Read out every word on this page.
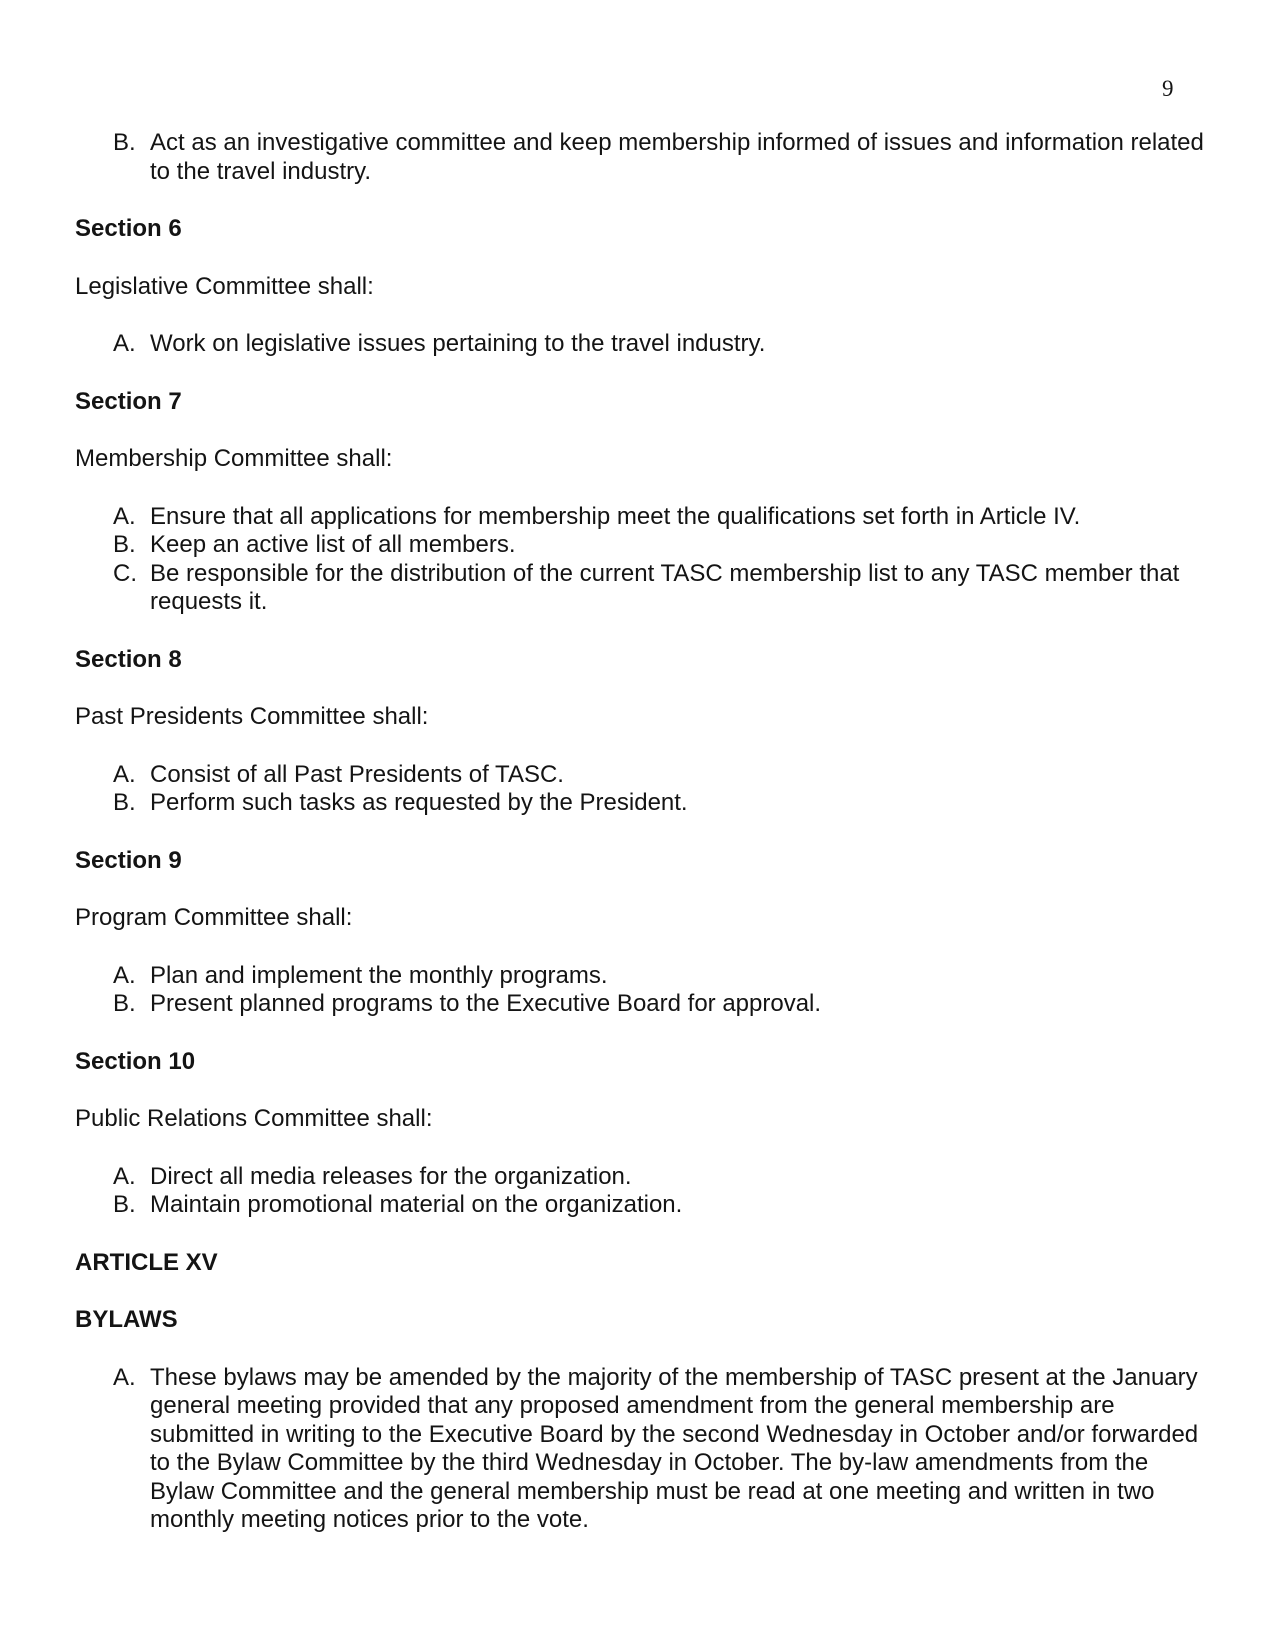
9
B. Act as an investigative committee and keep membership informed of issues and information related to the travel industry.
Section 6
Legislative Committee shall:
A. Work on legislative issues pertaining to the travel industry.
Section 7
Membership Committee shall:
A. Ensure that all applications for membership meet the qualifications set forth in Article IV.
B. Keep an active list of all members.
C. Be responsible for the distribution of the current TASC membership list to any TASC member that requests it.
Section 8
Past Presidents Committee shall:
A. Consist of all Past Presidents of TASC.
B. Perform such tasks as requested by the President.
Section 9
Program Committee shall:
A. Plan and implement the monthly programs.
B. Present planned programs to the Executive Board for approval.
Section 10
Public Relations Committee shall:
A. Direct all media releases for the organization.
B. Maintain promotional material on the organization.
ARTICLE XV
BYLAWS
A. These bylaws may be amended by the majority of the membership of TASC present at the January general meeting provided that any proposed amendment from the general membership are submitted in writing to the Executive Board by the second Wednesday in October and/or forwarded to the Bylaw Committee by the third Wednesday in October. The by-law amendments from the Bylaw Committee and the general membership must be read at one meeting and written in two monthly meeting notices prior to the vote.
